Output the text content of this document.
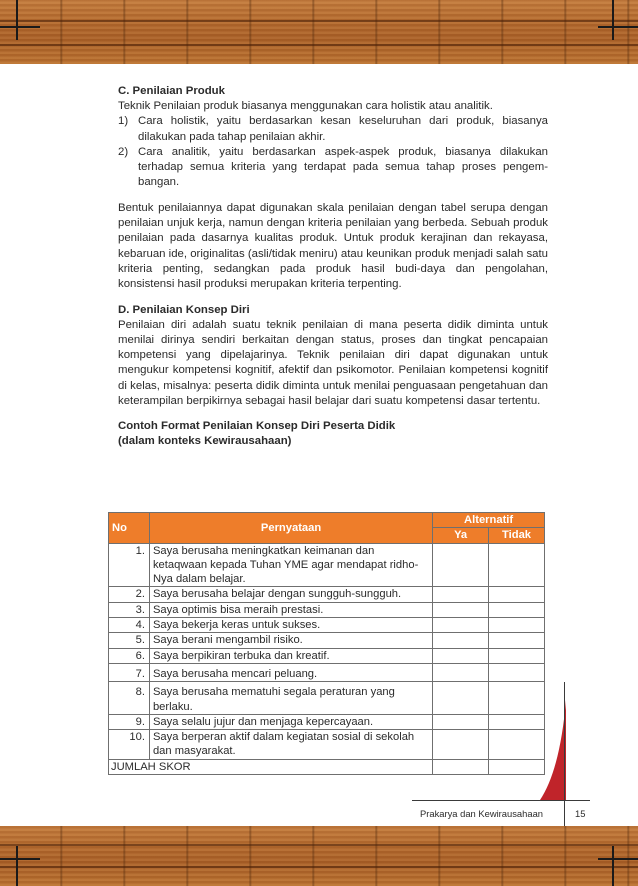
C. Penilaian Produk

Teknik Penilaian produk biasanya menggunakan cara holistik atau analitik.

1) Cara holistik, yaitu berdasarkan kesan keseluruhan dari produk, biasanya dilakukan pada tahap penilaian akhir.
2) Cara analitik, yaitu berdasarkan aspek-aspek produk, biasanya dilakukan terhadap semua kriteria yang terdapat pada semua tahap proses pengem-bangan.

Bentuk penilaiannya dapat digunakan skala penilaian dengan tabel serupa dengan penilaian unjuk kerja, namun dengan kriteria penilaian yang berbeda. Sebuah produk penilaian pada dasarnya kualitas produk. Untuk produk kerajinan dan rekayasa, kebaruan ide, originalitas (asli/tidak meniru) atau keunikan produk menjadi salah satu kriteria penting, sedangkan pada produk hasil budi-daya dan pengolahan, konsistensi hasil produksi merupakan kriteria terpenting.

D. Penilaian Konsep Diri

Penilaian diri adalah suatu teknik penilaian di mana peserta didik diminta untuk menilai dirinya sendiri berkaitan dengan status, proses dan tingkat pencapaian kompetensi yang dipelajarinya. Teknik penilaian diri dapat digunakan untuk mengukur kompetensi kognitif, afektif dan psikomotor. Penilaian kompetensi kognitif di kelas, misalnya: peserta didik diminta untuk menilai penguasaan pengetahuan dan keterampilan berpikirnya sebagai hasil belajar dari suatu kompetensi dasar tertentu.

Contoh Format Penilaian Konsep Diri Peserta Didik
(dalam konteks Kewirausahaan)
No	Pernyataan	Alternatif	
		Ya	Tidak
1.	Saya berusaha meningkatkan keimanan dan ketaqwaan kepada Tuhan YME agar mendapat ridho-Nya dalam belajar.		
2.	Saya berusaha belajar dengan sungguh-sungguh.		
3.	Saya optimis bisa meraih prestasi.		
4.	Saya bekerja keras untuk sukses.		
5.	Saya berani mengambil risiko.		
6.	Saya berpikiran terbuka dan kreatif.		
7.	Saya berusaha mencari peluang.		
8.	Saya berusaha mematuhi segala peraturan yang berlaku.		
9.	Saya selalu jujur dan menjaga kepercayaan.		
10.	Saya berperan aktif dalam kegiatan sosial di sekolah dan masyarakat.		
JUMLAH SKOR			
Prakarya dan Kewirausahaan	15
